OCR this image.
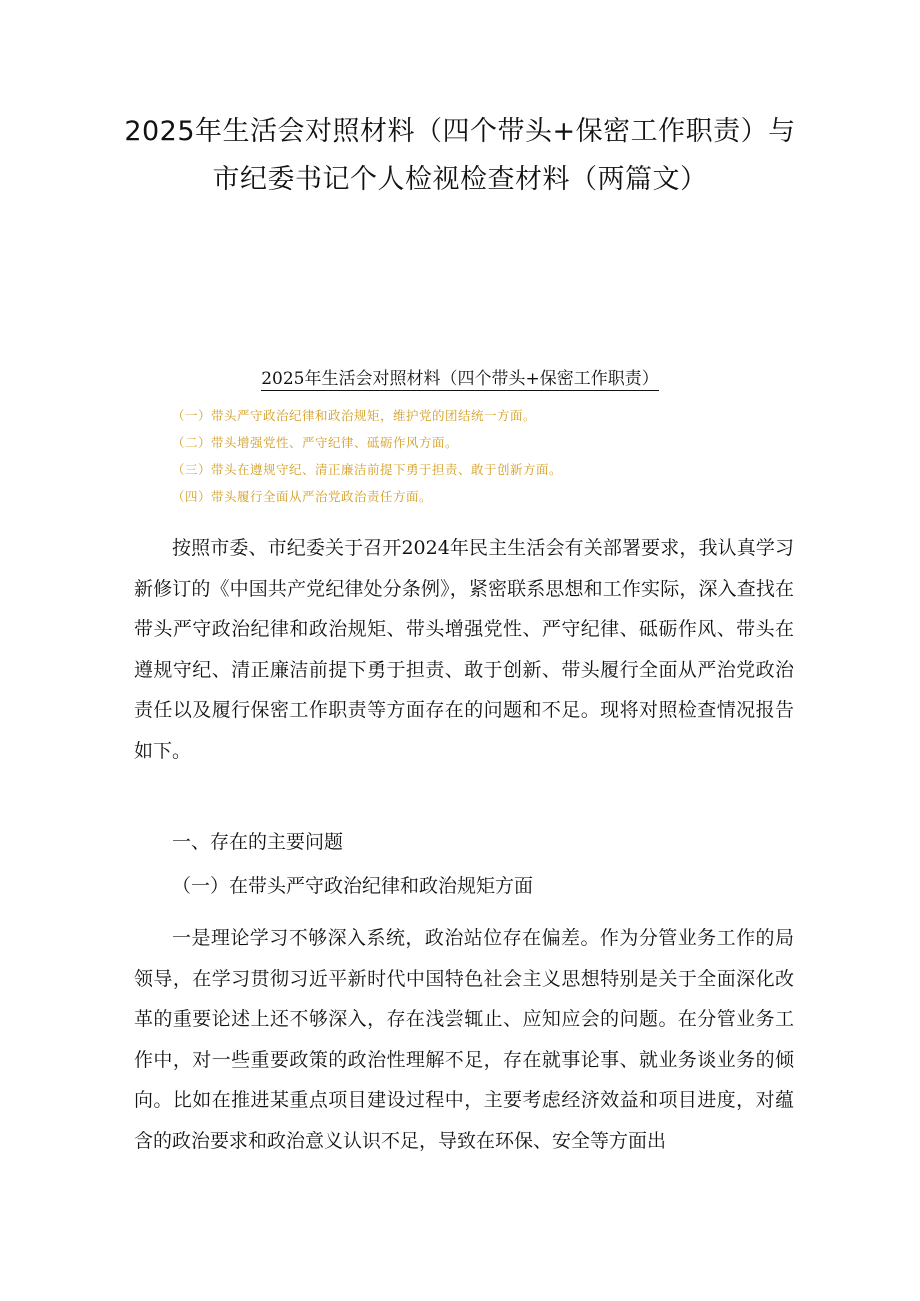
2025年生活会对照材料（四个带头+保密工作职责）与
市纪委书记个人检视检查材料（两篇文）
2025年生活会对照材料（四个带头+保密工作职责）
（一）带头严守政治纪律和政治规矩，维护党的团结统一方面。
（二）带头增强党性、严守纪律、砥砺作风方面。
（三）带头在遵规守纪、清正廉洁前提下勇于担责、敢于创新方面。
（四）带头履行全面从严治党政治责任方面。

按照市委、市纪委关于召开2024年民主生活会有关部署要求，我认真学习新修订的《中国共产党纪律处分条例》，紧密联系思想和工作实际，深入查找在带头严守政治纪律和政治规矩、带头增强党性、严守纪律、砥砺作风、带头在遵规守纪、清正廉洁前提下勇于担责、敢于创新、带头履行全面从严治党政治责任以及履行保密工作职责等方面存在的问题和不足。现将对照检查情况报告如下。

一、存在的主要问题
（一）在带头严守政治纪律和政治规矩方面

一是理论学习不够深入系统，政治站位存在偏差。作为分管业务工作的局领导，在学习贯彻习近平新时代中国特色社会主义思想特别是关于全面深化改革的重要论述上还不够深入，存在浅尝辄止、应知应会的问题。在分管业务工作中，对一些重要政策的政治性理解不足，存在就事论事、就业务谈业务的倾向。比如在推进某重点项目建设过程中，主要考虑经济效益和项目进度，对蕴含的政治要求和政治意义认识不足，导致在环保、安全等方面出
